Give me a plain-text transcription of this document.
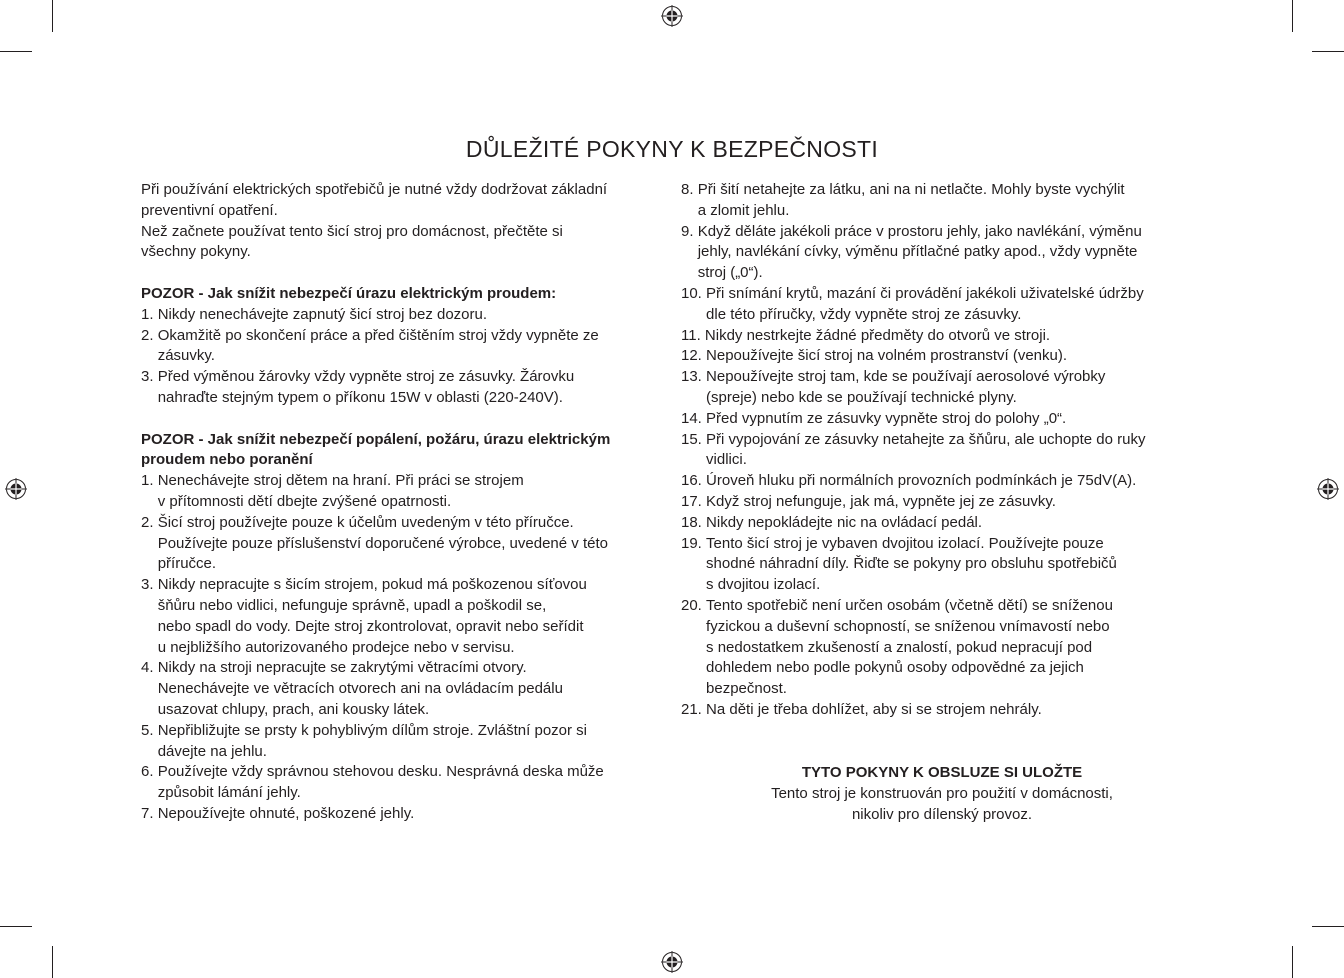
DŮLEŽITÉ POKYNY K BEZPEČNOSTI

Při používání elektrických spotřebičů je nutné vždy dodržovat základní

preventivní opatření.

Než začnete používat tento šicí stroj pro domácnost, přečtěte si

všechny pokyny.

POZOR - Jak snížit nebezpečí úrazu elektrickým proudem:

1. Nikdy nenechávejte zapnutý šicí stroj bez dozoru.
2. Okamžitě po skončení práce a před čištěním stroj vždy vypněte ze
zásuvky.
3. Před výměnou žárovky vždy vypněte stroj ze zásuvky. Žárovku
nahraďte stejným typem o příkonu 15W v oblasti (220-240V).

POZOR - Jak snížit nebezpečí popálení, požáru, úrazu elektrickým

proudem nebo poranění

1. Nenechávejte stroj dětem na hraní. Při práci se strojem
v přítomnosti dětí dbejte zvýšené opatrnosti.
2. Šicí stroj používejte pouze k účelům uvedeným v této příručce.
Používejte pouze příslušenství doporučené výrobce, uvedené v této
příručce.
3. Nikdy nepracujte s šicím strojem, pokud má poškozenou síťovou
šňůru nebo vidlici, nefunguje správně, upadl a poškodil se,
nebo spadl do vody. Dejte stroj zkontrolovat, opravit nebo seřídit
u nejbližšího autorizovaného prodejce nebo v servisu.
4. Nikdy na stroji nepracujte se zakrytými větracími otvory.
Nenechávejte ve větracích otvorech ani na ovládacím pedálu
usazovat chlupy, prach, ani kousky látek.
5. Nepřibližujte se prsty k pohyblivým dílům stroje. Zvláštní pozor si
dávejte na jehlu.
6. Používejte vždy správnou stehovou desku. Nesprávná deska může
způsobit lámání jehly.
7. Nepoužívejte ohnuté, poškozené jehly.
8. Při šití netahejte za látku, ani na ni netlačte. Mohly byste vychýlit
a zlomit jehlu.
9. Když děláte jakékoli práce v prostoru jehly, jako navlékání, výměnu
jehly, navlékání cívky, výměnu přítlačné patky apod., vždy vypněte
stroj („0“).
10. Při snímání krytů, mazání či provádění jakékoli uživatelské údržby
dle této příručky, vždy vypněte stroj ze zásuvky.
11. Nikdy nestrkejte žádné předměty do otvorů ve stroji.
12. Nepoužívejte šicí stroj na volném prostranství (venku).
13. Nepoužívejte stroj tam, kde se používají aerosolové výrobky
(spreje) nebo kde se používají technické plyny.
14. Před vypnutím ze zásuvky vypněte stroj do polohy „0“.
15. Při vypojování ze zásuvky netahejte za šňůru, ale uchopte do ruky
vidlici.
16. Úroveň hluku při normálních provozních podmínkách je 75dV(A).
17. Když stroj nefunguje, jak má, vypněte jej ze zásuvky.
18. Nikdy nepokládejte nic na ovládací pedál.
19. Tento šicí stroj je vybaven dvojitou izolací. Používejte pouze
shodné náhradní díly. Řiďte se pokyny pro obsluhu spotřebičů
s dvojitou izolací.
20. Tento spotřebič není určen osobám (včetně dětí) se sníženou
fyzickou a duševní schopností, se sníženou vnímavostí nebo
s nedostatkem zkušeností a znalostí, pokud nepracují pod
dohledem nebo podle pokynů osoby odpovědné za jejich
bezpečnost.
21. Na děti je třeba dohlížet, aby si se strojem nehrály.

TYTO POKYNY K OBSLUZE SI ULOŽTE

Tento stroj je konstruován pro použití v domácnosti,

nikoliv pro dílenský provoz.
